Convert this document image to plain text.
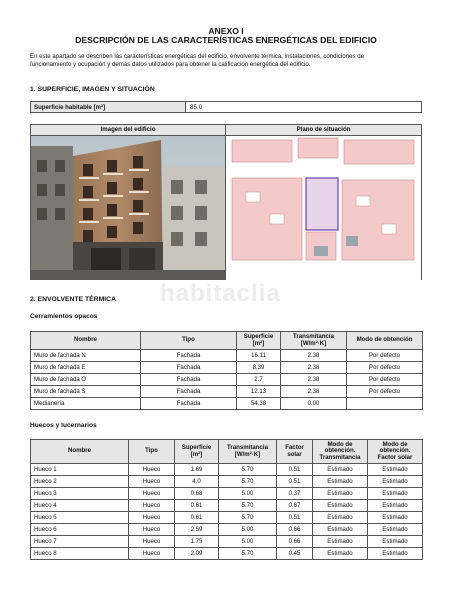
ANEXO I
DESCRIPCIÓN DE LAS CARACTERÍSTICAS ENERGÉTICAS DEL EDIFICIO
En este apartado se describen las características energéticas del edificio, envolvente térmica, instalaciones, condiciones de
funcionamiento y ocupación y demás datos utilizados para obtener la calificación energética del edificio.
1. SUPERFICIE, IMAGEN Y SITUACIÓN
Superficie habitable [m²]	85.0
Imagen del edificio	Plano de situación
habitaclia
2. ENVOLVENTE TÉRMICA
Cerramientos opacos
Nombre	Tipo	Superficie [m²]	Transmitancia [W/m²·K]	Modo de obtención
Muro de fachada N	Fachada	16.11	2.38	Por defecto
Muro de fachada E	Fachada	8.39	2.38	Por defecto
Muro de fachada O	Fachada	2.7	2.38	Por defecto
Muro de fachada S	Fachada	12.13	2.38	Por defecto
Medianería	Fachada	54.38	0.00	
Huecos y lucernarios
Nombre	Tipo	Superficie [m²]	Transmitancia [W/m²·K]	Factor solar	Modo de obtención. Transmitancia	Modo de obtención. Factor solar
Hueco 1	Hueco	1.69	5.70	0.51	Estimado	Estimado
Hueco 2	Hueco	4.0	5.70	0.51	Estimado	Estimado
Hueco 3	Hueco	0.68	5.00	0.37	Estimado	Estimado
Hueco 4	Hueco	0.61	5.70	0.67	Estimado	Estimado
Hueco 5	Hueco	0.61	5.70	0.51	Estimado	Estimado
Hueco 6	Hueco	2.59	5.00	0.66	Estimado	Estimado
Hueco 7	Hueco	1.75	5.00	0.66	Estimado	Estimado
Hueco 8	Hueco	2.09	5.70	0.45	Estimado	Estimado
